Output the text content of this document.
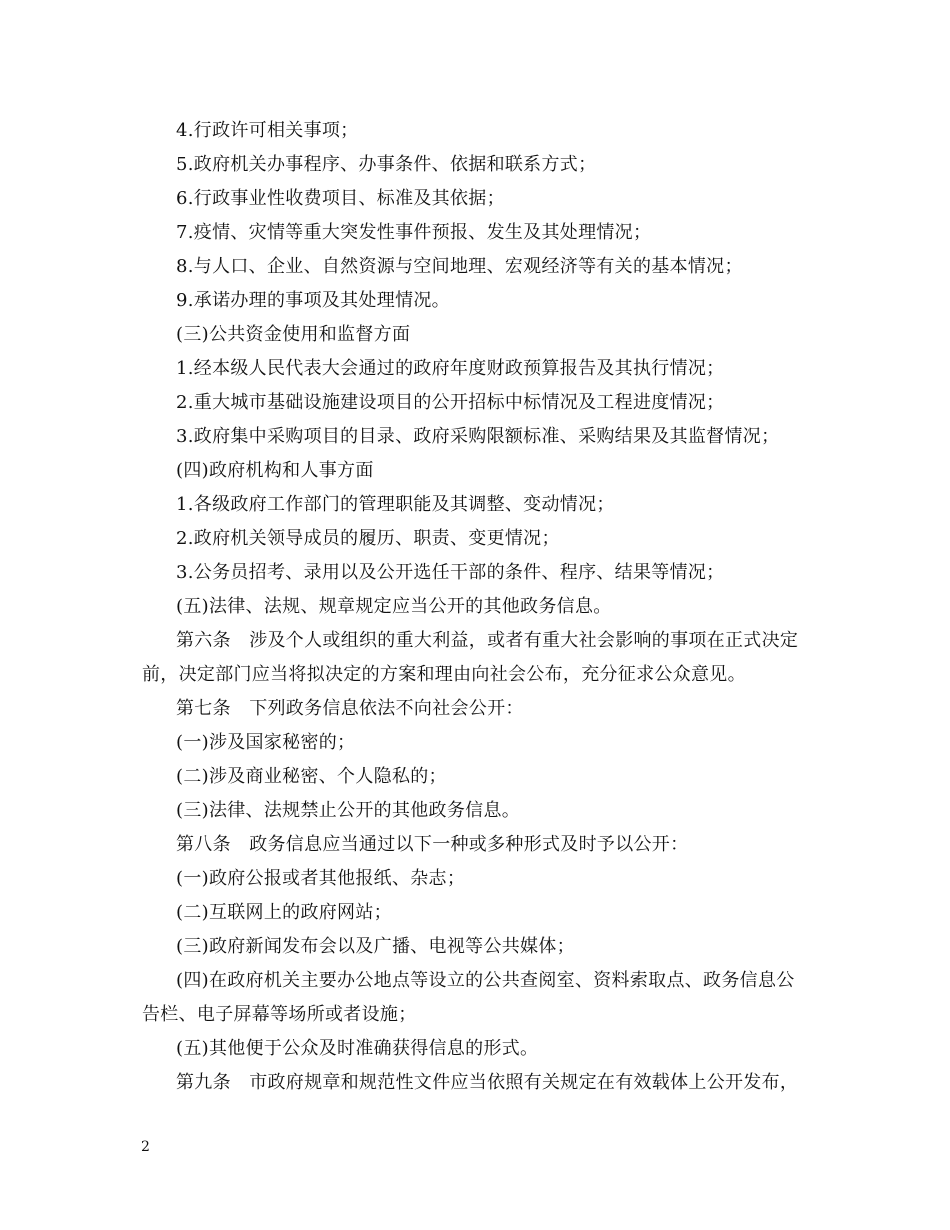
4.行政许可相关事项；
5.政府机关办事程序、办事条件、依据和联系方式；
6.行政事业性收费项目、标准及其依据；
7.疫情、灾情等重大突发性事件预报、发生及其处理情况；
8.与人口、企业、自然资源与空间地理、宏观经济等有关的基本情况；
9.承诺办理的事项及其处理情况。
(三)公共资金使用和监督方面
1.经本级人民代表大会通过的政府年度财政预算报告及其执行情况；
2.重大城市基础设施建设项目的公开招标中标情况及工程进度情况；
3.政府集中采购项目的目录、政府采购限额标准、采购结果及其监督情况；
(四)政府机构和人事方面
1.各级政府工作部门的管理职能及其调整、变动情况；
2.政府机关领导成员的履历、职责、变更情况；
3.公务员招考、录用以及公开选任干部的条件、程序、结果等情况；
(五)法律、法规、规章规定应当公开的其他政务信息。
第六条　涉及个人或组织的重大利益，或者有重大社会影响的事项在正式决定
前，决定部门应当将拟决定的方案和理由向社会公布，充分征求公众意见。
第七条　下列政务信息依法不向社会公开：
(一)涉及国家秘密的；
(二)涉及商业秘密、个人隐私的；
(三)法律、法规禁止公开的其他政务信息。
第八条　政务信息应当通过以下一种或多种形式及时予以公开：
(一)政府公报或者其他报纸、杂志；
(二)互联网上的政府网站；
(三)政府新闻发布会以及广播、电视等公共媒体；
(四)在政府机关主要办公地点等设立的公共查阅室、资料索取点、政务信息公
告栏、电子屏幕等场所或者设施；
(五)其他便于公众及时准确获得信息的形式。
第九条　市政府规章和规范性文件应当依照有关规定在有效载体上公开发布，
2
